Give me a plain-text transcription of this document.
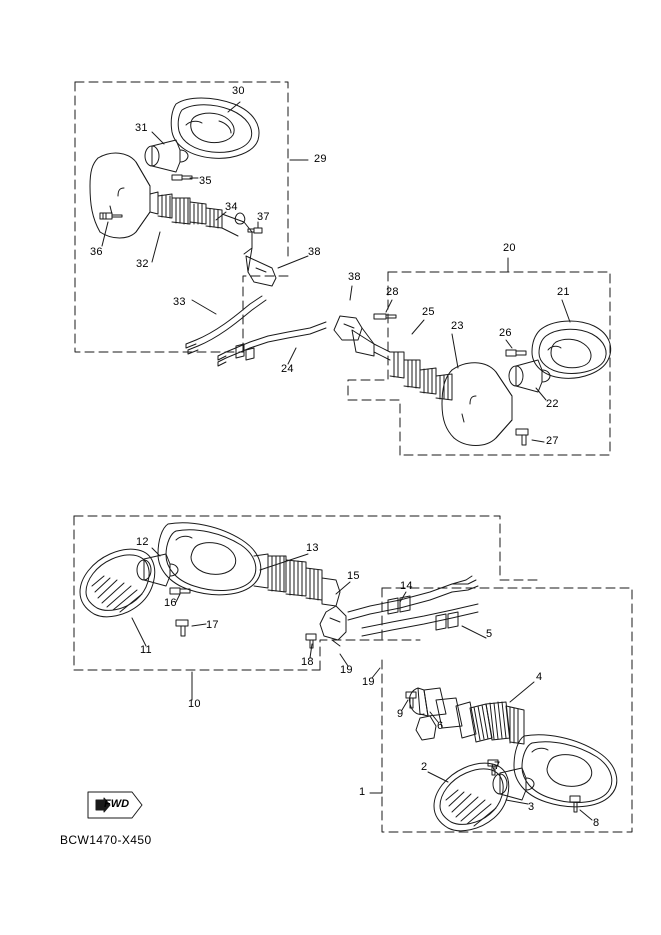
30
31
29
35
34
37
36
32
38
33
38
28
20
21
25
23
26
22
24
27
12	13
16
15
14
17
11
18
19
19
5
4
10
6
9
7
2
1
3
8
FWD
BCW1470-X450
